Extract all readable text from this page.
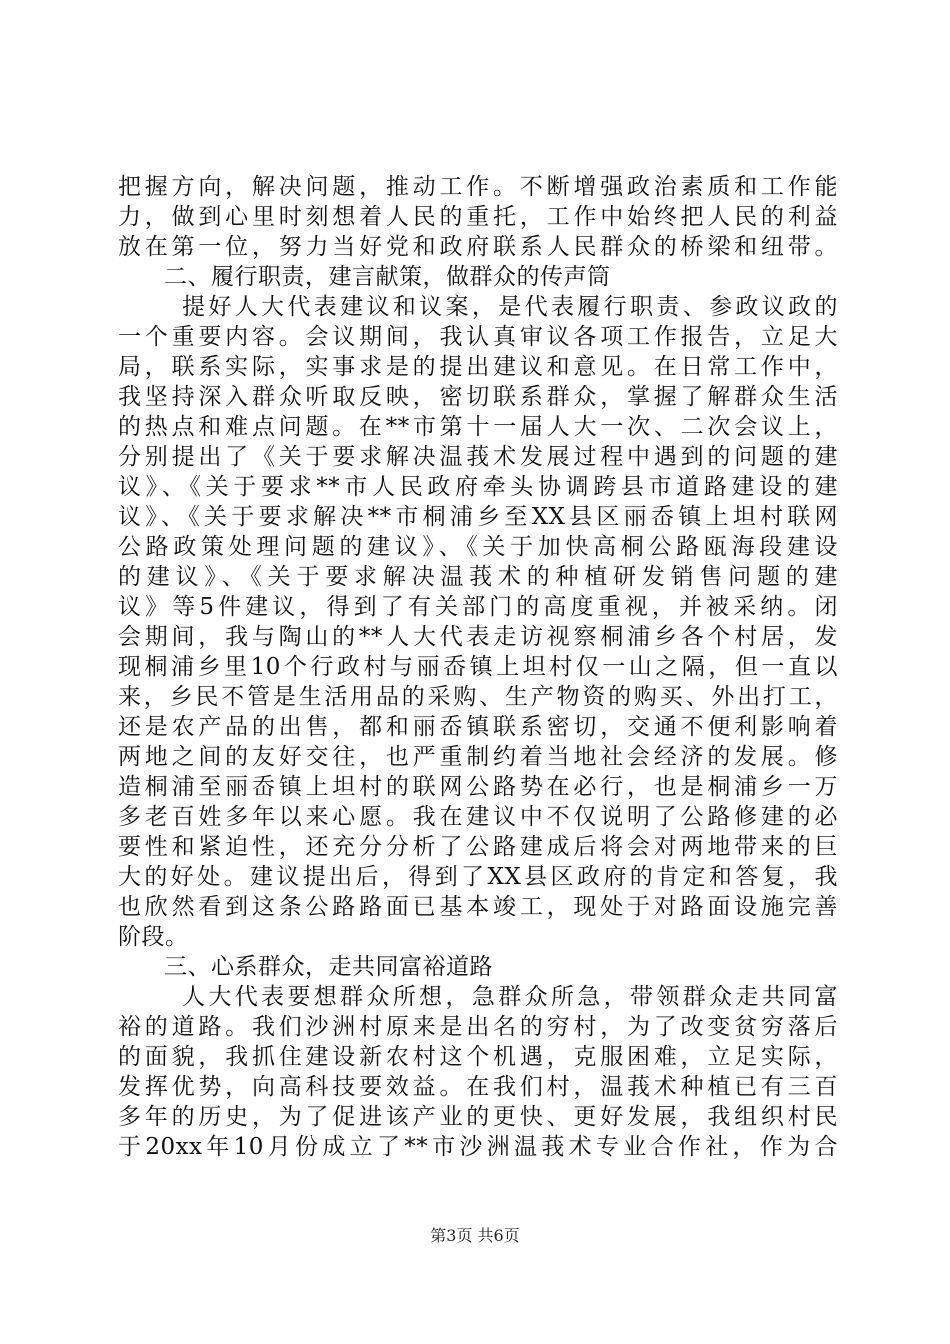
把握方向，解决问题，推动工作。不断增强政治素质和工作能
力，做到心里时刻想着人民的重托，工作中始终把人民的利益
放在第一位，努力当好党和政府联系人民群众的桥梁和纽带。
二、履行职责，建言献策，做群众的传声筒
提好人大代表建议和议案，是代表履行职责、参政议政的
一个重要内容。会议期间，我认真审议各项工作报告，立足大
局，联系实际，实事求是的提出建议和意见。在日常工作中，
我坚持深入群众听取反映，密切联系群众，掌握了解群众生活
的热点和难点问题。在**市第十一届人大一次、二次会议上，
分别提出了《关于要求解决温莪术发展过程中遇到的问题的建
议》、《关于要求**市人民政府牵头协调跨县市道路建设的建
议》、《关于要求解决**市桐浦乡至XX县区丽岙镇上坦村联网
公路政策处理问题的建议》、《关于加快高桐公路瓯海段建设
的建议》、《关于要求解决温莪术的种植研发销售问题的建
议》等5件建议，得到了有关部门的高度重视，并被采纳。闭
会期间，我与陶山的**人大代表走访视察桐浦乡各个村居，发
现桐浦乡里10个行政村与丽岙镇上坦村仅一山之隔，但一直以
来，乡民不管是生活用品的采购、生产物资的购买、外出打工，
还是农产品的出售，都和丽岙镇联系密切，交通不便利影响着
两地之间的友好交往，也严重制约着当地社会经济的发展。修
造桐浦至丽岙镇上坦村的联网公路势在必行，也是桐浦乡一万
多老百姓多年以来心愿。我在建议中不仅说明了公路修建的必
要性和紧迫性，还充分分析了公路建成后将会对两地带来的巨
大的好处。建议提出后，得到了XX县区政府的肯定和答复，我
也欣然看到这条公路路面已基本竣工，现处于对路面设施完善
阶段。
三、心系群众，走共同富裕道路
人大代表要想群众所想，急群众所急，带领群众走共同富
裕的道路。我们沙洲村原来是出名的穷村，为了改变贫穷落后
的面貌，我抓住建设新农村这个机遇，克服困难，立足实际，
发挥优势，向高科技要效益。在我们村，温莪术种植已有三百
多年的历史，为了促进该产业的更快、更好发展，我组织村民
于20xx年10月份成立了**市沙洲温莪术专业合作社，作为合
第3页 共6页
